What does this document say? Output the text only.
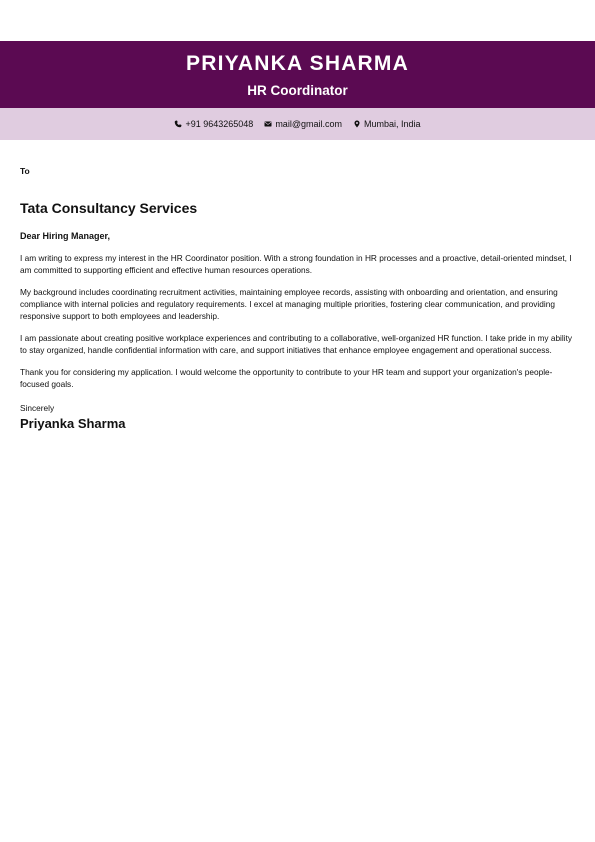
PRIYANKA SHARMA
HR Coordinator
+91 9643265048 mail@gmail.com Mumbai, India

To

Tata Consultancy Services

Dear Hiring Manager,

I am writing to express my interest in the HR Coordinator position. With a strong foundation in HR processes and a proactive, detail-oriented mindset, I am committed to supporting efficient and effective human resources operations.

My background includes coordinating recruitment activities, maintaining employee records, assisting with onboarding and orientation, and ensuring compliance with internal policies and regulatory requirements. I excel at managing multiple priorities, fostering clear communication, and providing responsive support to both employees and leadership.

I am passionate about creating positive workplace experiences and contributing to a collaborative, well-organized HR function. I take pride in my ability to stay organized, handle confidential information with care, and support initiatives that enhance employee engagement and operational success.

Thank you for considering my application. I would welcome the opportunity to contribute to your HR team and support your organization's people-focused goals.

Sincerely

Priyanka Sharma
